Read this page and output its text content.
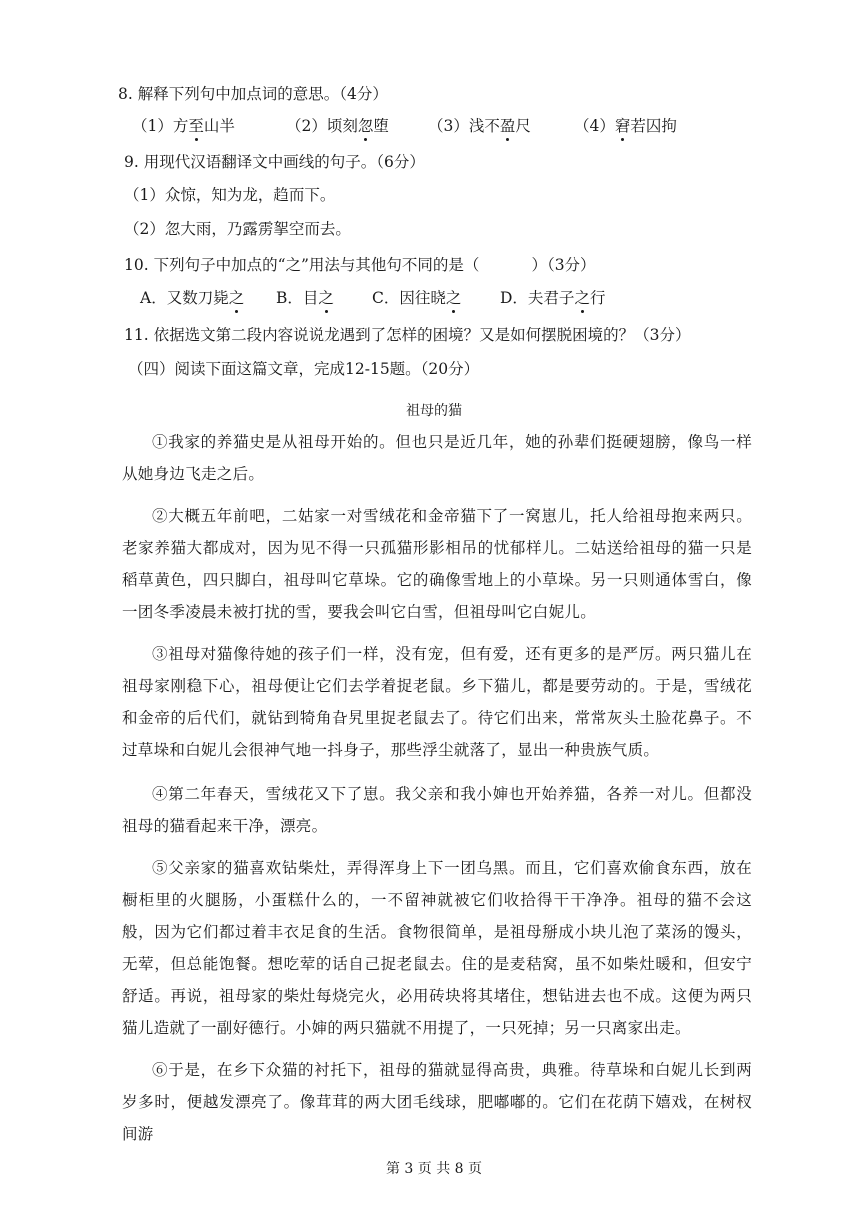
8. 解释下列句中加点词的意思。（4分）
（1）方至山半	（2）顷刻忽堕	（3）浅不盈尺	（4）窘若囚拘
9. 用现代汉语翻译文中画线的句子。（6分）
（1）众惊，知为龙，趋而下。
（2）忽大雨，乃露雳挐空而去。
10. 下列句子中加点的“之”用法与其他句不同的是（	）（3分）
A．又数刀毙之	B．目之	C．因往晓之	D．夫君子之行
11. 依据选文第二段内容说说龙遇到了怎样的困境？又是如何摆脱困境的？（3分）
（四）阅读下面这篇文章，完成12-15题。（20分）
祖母的猫
①我家的养猫史是从祖母开始的。但也只是近几年，她的孙辈们挺硬翅膀，像鸟一样从她身边飞走之后。
②大概五年前吧，二姑家一对雪绒花和金帝猫下了一窝崽儿，托人给祖母抱来两只。老家养猫大都成对，因为见不得一只孤猫形影相吊的忧郁样儿。二姑送给祖母的猫一只是稻草黄色，四只脚白，祖母叫它草垛。它的确像雪地上的小草垛。另一只则通体雪白，像一团冬季凌晨未被打扰的雪，要我会叫它白雪，但祖母叫它白妮儿。
③祖母对猫像待她的孩子们一样，没有宠，但有爱，还有更多的是严厉。两只猫儿在祖母家刚稳下心，祖母便让它们去学着捉老鼠。乡下猫儿，都是要劳动的。于是，雪绒花和金帝的后代们，就钻到犄角旮旯里捉老鼠去了。待它们出来，常常灰头土脸花鼻子。不过草垛和白妮儿会很神气地一抖身子，那些浮尘就落了，显出一种贵族气质。
④第二年春天，雪绒花又下了崽。我父亲和我小婶也开始养猫，各养一对儿。但都没祖母的猫看起来干净，漂亮。
⑤父亲家的猫喜欢钻柴灶，弄得浑身上下一团乌黑。而且，它们喜欢偷食东西，放在橱柜里的火腿肠，小蛋糕什么的，一不留神就被它们收拾得干干净净。祖母的猫不会这般，因为它们都过着丰衣足食的生活。食物很简单，是祖母掰成小块儿泡了菜汤的馒头，无荤，但总能饱餐。想吃荤的话自己捉老鼠去。住的是麦秸窝，虽不如柴灶暖和，但安宁舒适。再说，祖母家的柴灶每烧完火，必用砖块将其堵住，想钻进去也不成。这便为两只猫儿造就了一副好德行。小婶的两只猫就不用提了，一只死掉；另一只离家出走。
⑥于是，在乡下众猫的衬托下，祖母的猫就显得高贵，典雅。待草垛和白妮儿长到两岁多时，便越发漂亮了。像茸茸的两大团毛线球，肥嘟嘟的。它们在花荫下嬉戏，在树杈间游
第 3 页 共 8 页
